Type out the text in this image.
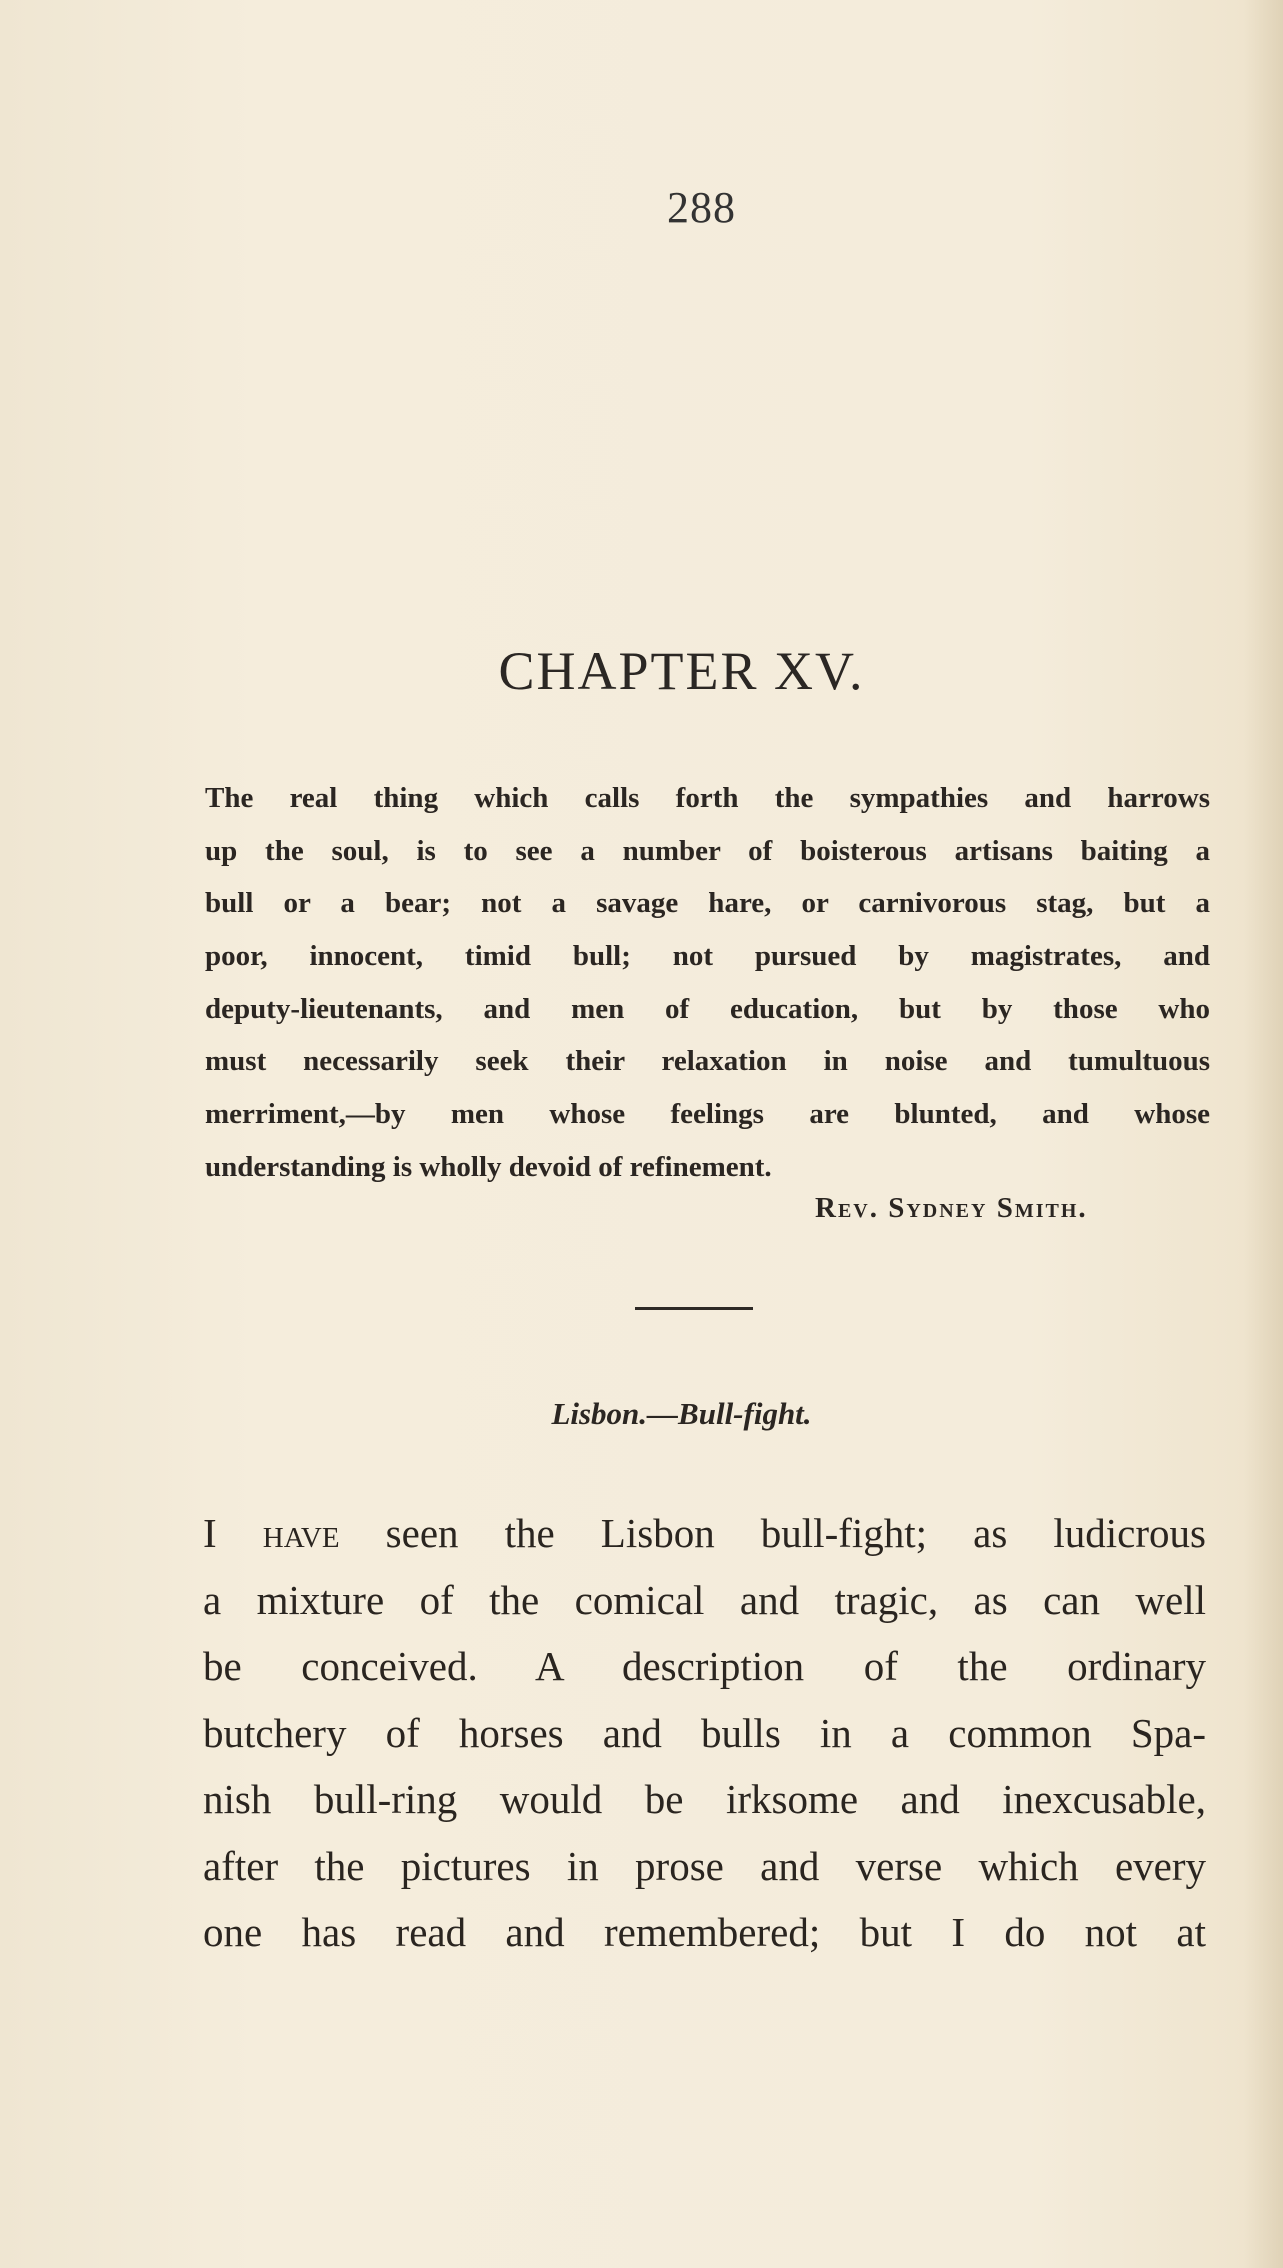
288
CHAPTER XV.
The real thing which calls forth the sympathies and harrows
up the soul, is to see a number of boisterous artisans baiting a
bull or a bear; not a savage hare, or carnivorous stag, but a
poor, innocent, timid bull; not pursued by magistrates, and
deputy-lieutenants, and men of education, but by those who
must necessarily seek their relaxation in noise and tumultuous
merriment,—by men whose feelings are blunted, and whose
understanding is wholly devoid of refinement.
Rev. Sydney Smith.
Lisbon.—Bull-fight.
I have seen the Lisbon bull-fight; as ludicrous
a mixture of the comical and tragic, as can well
be conceived. A description of the ordinary
butchery of horses and bulls in a common Spa-
nish bull-ring would be irksome and inexcusable,
after the pictures in prose and verse which every
one has read and remembered; but I do not at
